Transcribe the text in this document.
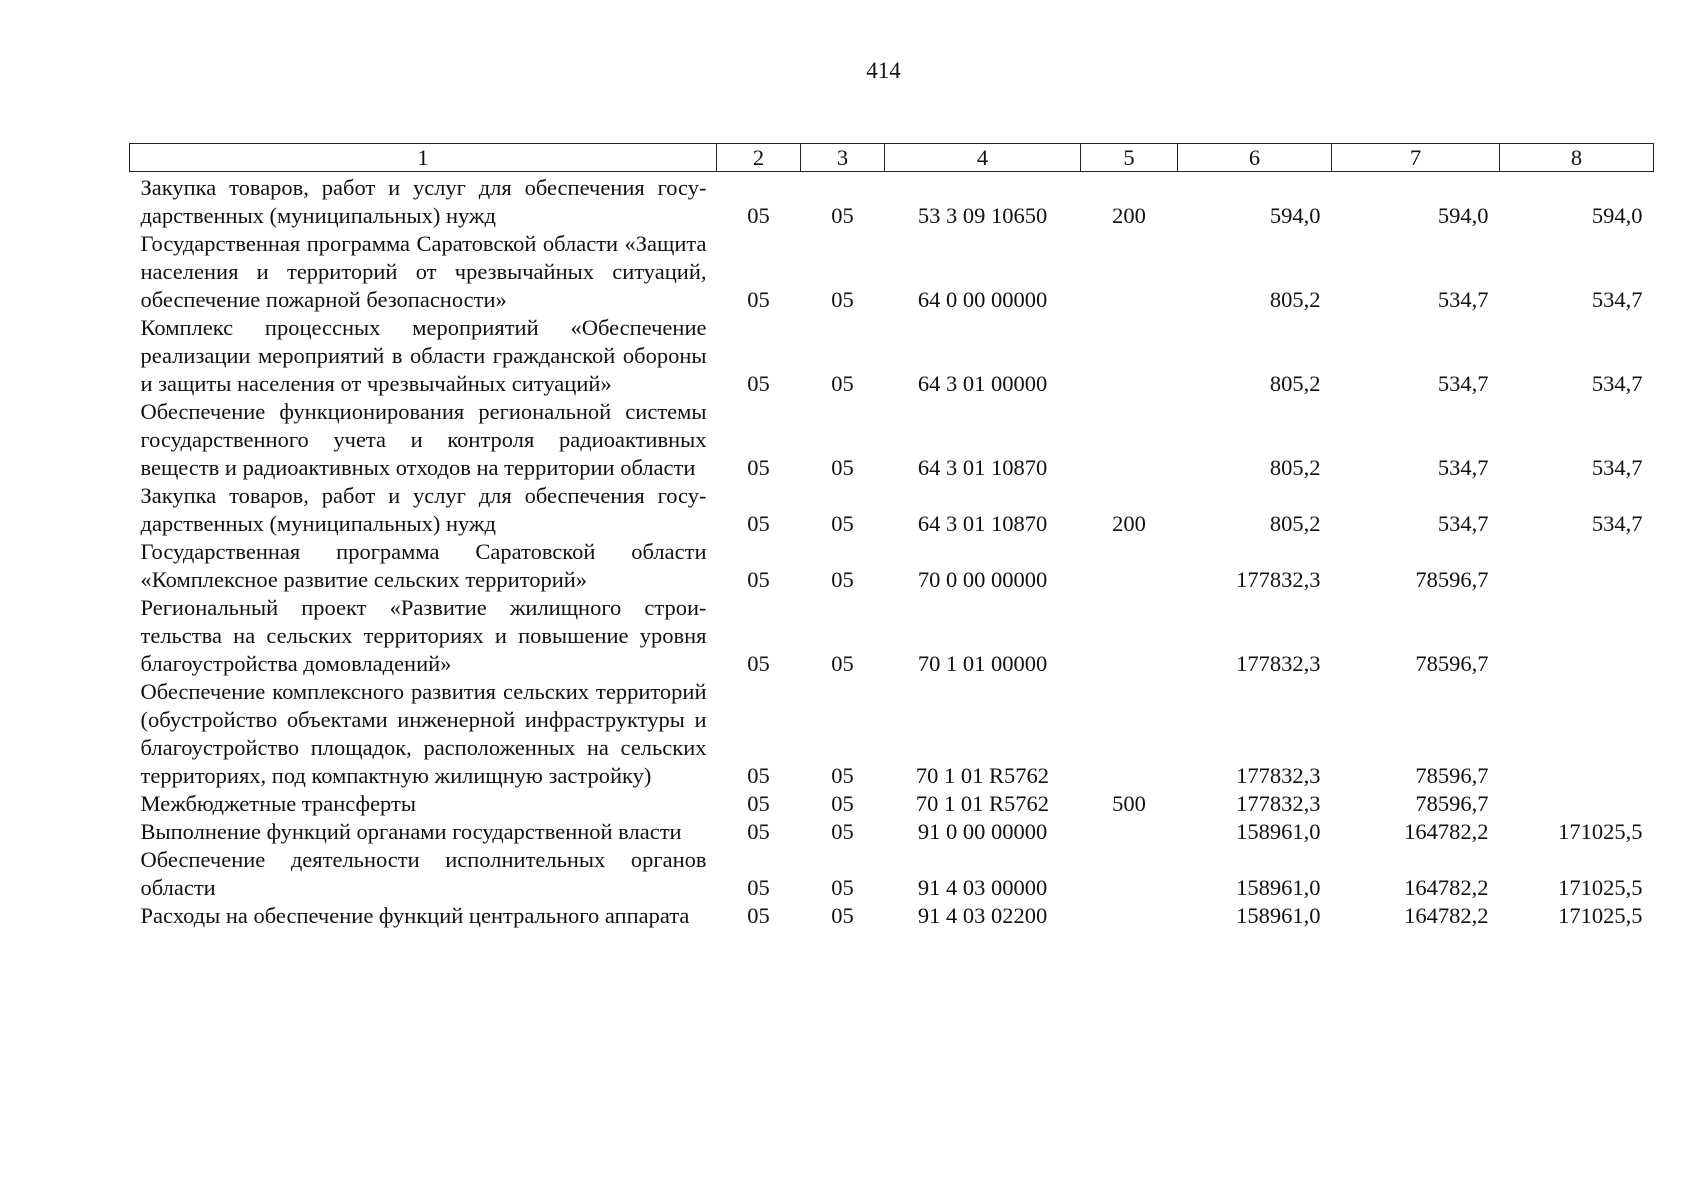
414
1	2	3	4	5	6	7	8
Закупка товаров, работ и услуг для обеспечения государственных (муниципальных) нужд	05	05	53 3 09 10650	200	594,0	594,0	594,0
Государственная программа Саратовской области «Защита населения и территорий от чрезвычайных ситуаций, обеспечение пожарной безопасности»	05	05	64 0 00 00000		805,2	534,7	534,7
Комплекс процессных мероприятий «Обеспечение реализации мероприятий в области гражданской обороны и защиты населения от чрезвычайных ситуаций»	05	05	64 3 01 00000		805,2	534,7	534,7
Обеспечение функционирования региональной системы государственного учета и контроля радиоактивных веществ и радиоактивных отходов на территории области	05	05	64 3 01 10870		805,2	534,7	534,7
Закупка товаров, работ и услуг для обеспечения государственных (муниципальных) нужд	05	05	64 3 01 10870	200	805,2	534,7	534,7
Государственная программа Саратовской области «Комплексное развитие сельских территорий»	05	05	70 0 00 00000		177832,3	78596,7	
Региональный проект «Развитие жилищного строительства на сельских территориях и повышение уровня благоустройства домовладений»	05	05	70 1 01 00000		177832,3	78596,7	
Обеспечение комплексного развития сельских территорий (обустройство объектами инженерной инфраструктуры и благоустройство площадок, расположенных на сельских территориях, под компактную жилищную застройку)	05	05	70 1 01 R5762		177832,3	78596,7	
Межбюджетные трансферты	05	05	70 1 01 R5762	500	177832,3	78596,7	
Выполнение функций органами государственной власти	05	05	91 0 00 00000		158961,0	164782,2	171025,5
Обеспечение деятельности исполнительных органов области	05	05	91 4 03 00000		158961,0	164782,2	171025,5
Расходы на обеспечение функций центрального аппарата	05	05	91 4 03 02200		158961,0	164782,2	171025,5
